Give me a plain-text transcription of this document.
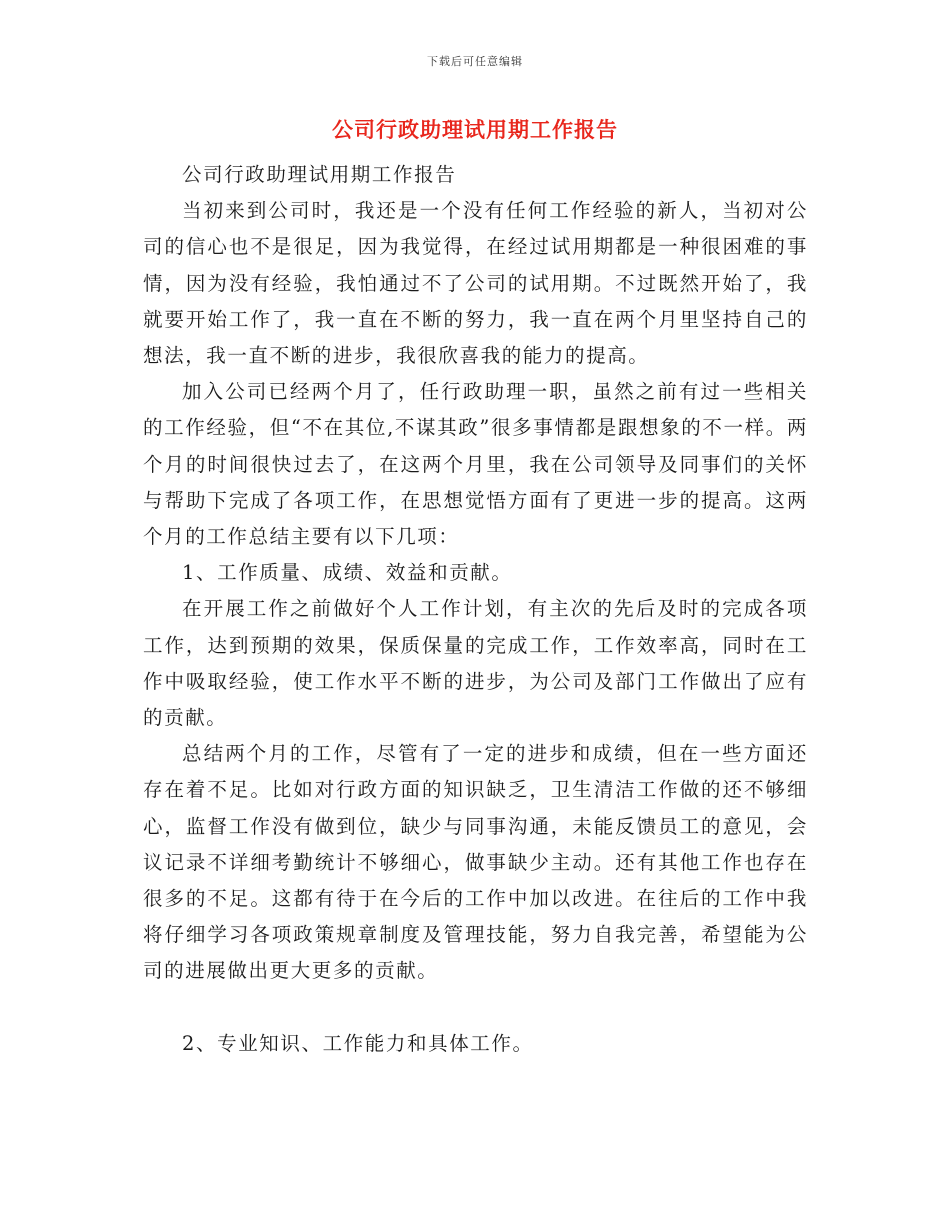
下载后可任意编辑
公司行政助理试用期工作报告

公司行政助理试用期工作报告

当初来到公司时，我还是一个没有任何工作经验的新人，当初对公司的信心也不是很足，因为我觉得，在经过试用期都是一种很困难的事情，因为没有经验，我怕通过不了公司的试用期。不过既然开始了，我就要开始工作了，我一直在不断的努力，我一直在两个月里坚持自己的想法，我一直不断的进步，我很欣喜我的能力的提高。

加入公司已经两个月了，任行政助理一职，虽然之前有过一些相关的工作经验，但“不在其位,不谋其政”很多事情都是跟想象的不一样。两个月的时间很快过去了，在这两个月里，我在公司领导及同事们的关怀与帮助下完成了各项工作，在思想觉悟方面有了更进一步的提高。这两个月的工作总结主要有以下几项：

1、工作质量、成绩、效益和贡献。

在开展工作之前做好个人工作计划，有主次的先后及时的完成各项工作，达到预期的效果，保质保量的完成工作，工作效率高，同时在工作中吸取经验，使工作水平不断的进步，为公司及部门工作做出了应有的贡献。

总结两个月的工作，尽管有了一定的进步和成绩，但在一些方面还存在着不足。比如对行政方面的知识缺乏，卫生清洁工作做的还不够细心，监督工作没有做到位，缺少与同事沟通，未能反馈员工的意见，会议记录不详细考勤统计不够细心，做事缺少主动。还有其他工作也存在很多的不足。这都有待于在今后的工作中加以改进。在往后的工作中我将仔细学习各项政策规章制度及管理技能，努力自我完善，希望能为公司的进展做出更大更多的贡献。

2、专业知识、工作能力和具体工作。
